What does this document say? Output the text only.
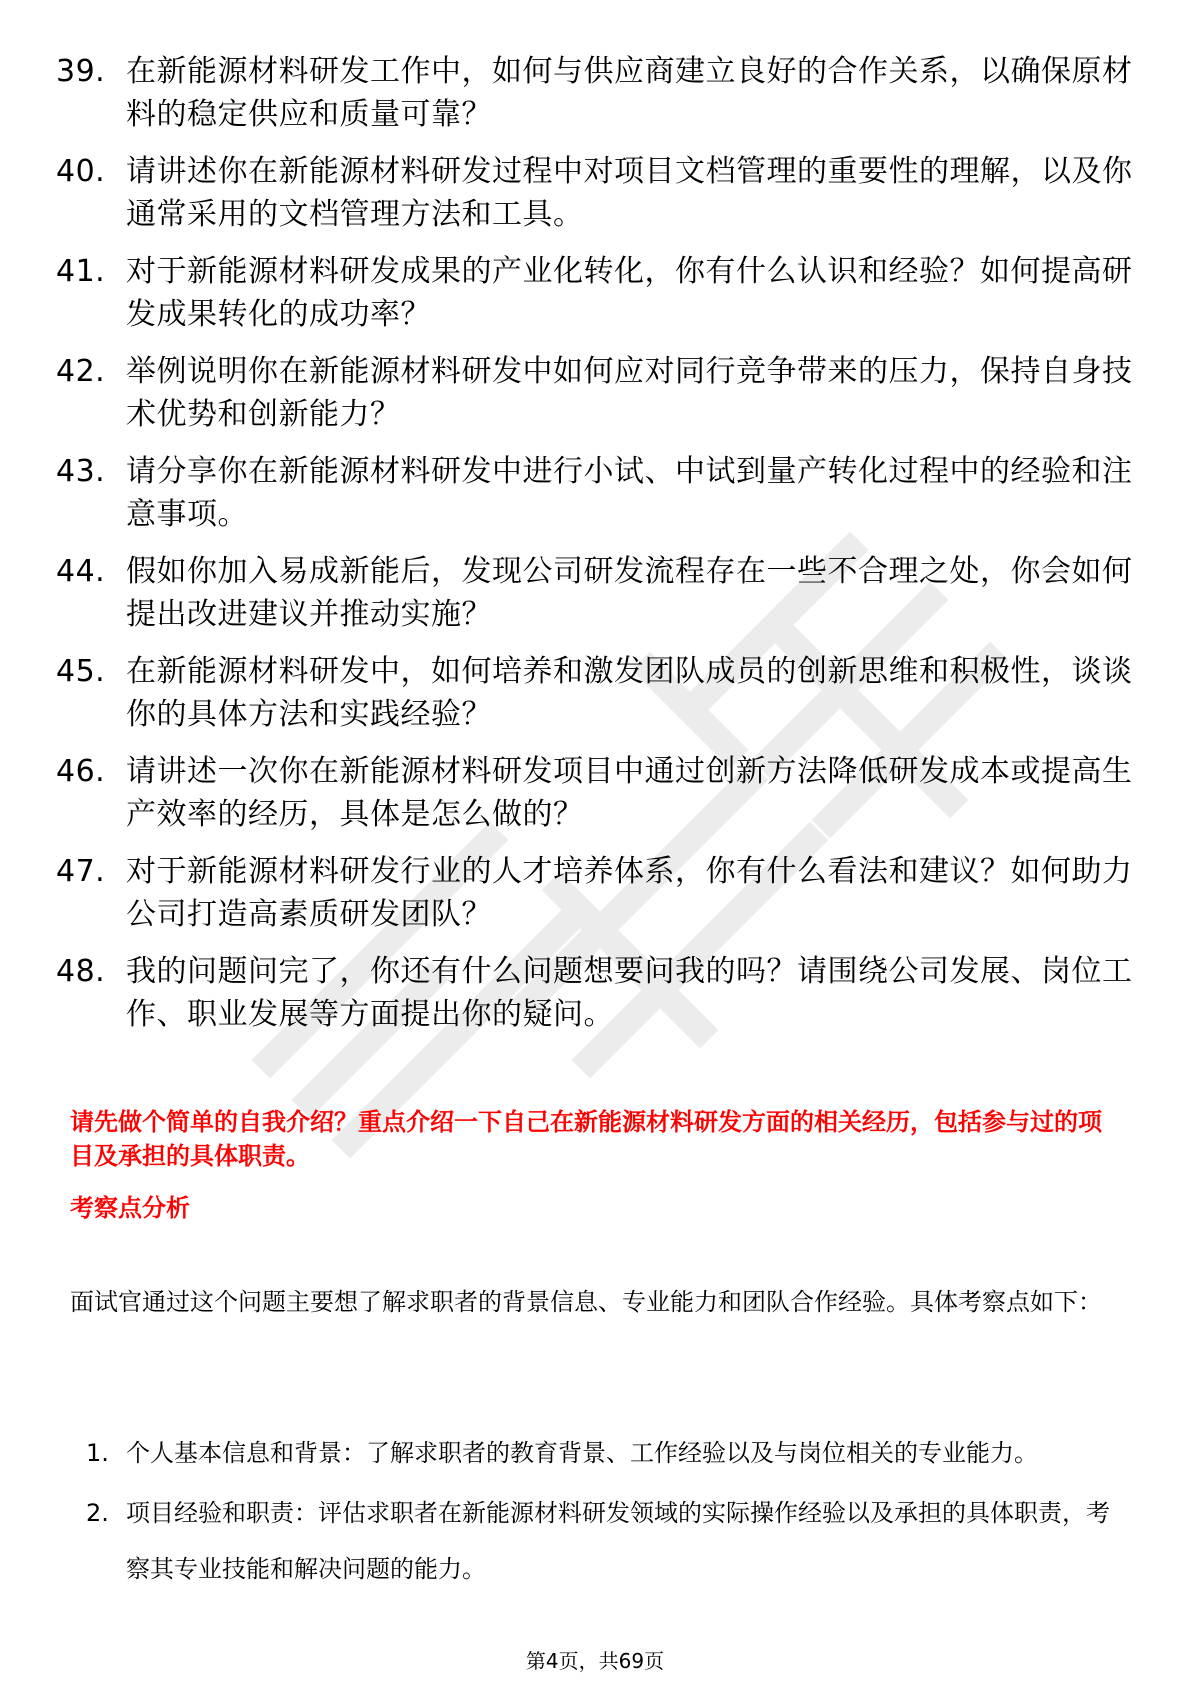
39. 在新能源材料研发工作中，如何与供应商建立良好的合作关系，以确保原材料的稳定供应和质量可靠？
40. 请讲述你在新能源材料研发过程中对项目文档管理的重要性的理解，以及你通常采用的文档管理方法和工具。
41. 对于新能源材料研发成果的产业化转化，你有什么认识和经验？如何提高研发成果转化的成功率？
42. 举例说明你在新能源材料研发中如何应对同行竞争带来的压力，保持自身技术优势和创新能力？
43. 请分享你在新能源材料研发中进行小试、中试到量产转化过程中的经验和注意事项。
44. 假如你加入易成新能后，发现公司研发流程存在一些不合理之处，你会如何提出改进建议并推动实施？
45. 在新能源材料研发中，如何培养和激发团队成员的创新思维和积极性，谈谈你的具体方法和实践经验？
46. 请讲述一次你在新能源材料研发项目中通过创新方法降低研发成本或提高生产效率的经历，具体是怎么做的？
47. 对于新能源材料研发行业的人才培养体系，你有什么看法和建议？如何助力公司打造高素质研发团队？
48. 我的问题问完了，你还有什么问题想要问我的吗？请围绕公司发展、岗位工作、职业发展等方面提出你的疑问。

请先做个简单的自我介绍？重点介绍一下自己在新能源材料研发方面的相关经历，包括参与过的项目及承担的具体职责。

考察点分析

面试官通过这个问题主要想了解求职者的背景信息、专业能力和团队合作经验。具体考察点如下：

1. 个人基本信息和背景：了解求职者的教育背景、工作经验以及与岗位相关的专业能力。
2. 项目经验和职责：评估求职者在新能源材料研发领域的实际操作经验以及承担的具体职责，考察其专业技能和解决问题的能力。
第4页，共69页
